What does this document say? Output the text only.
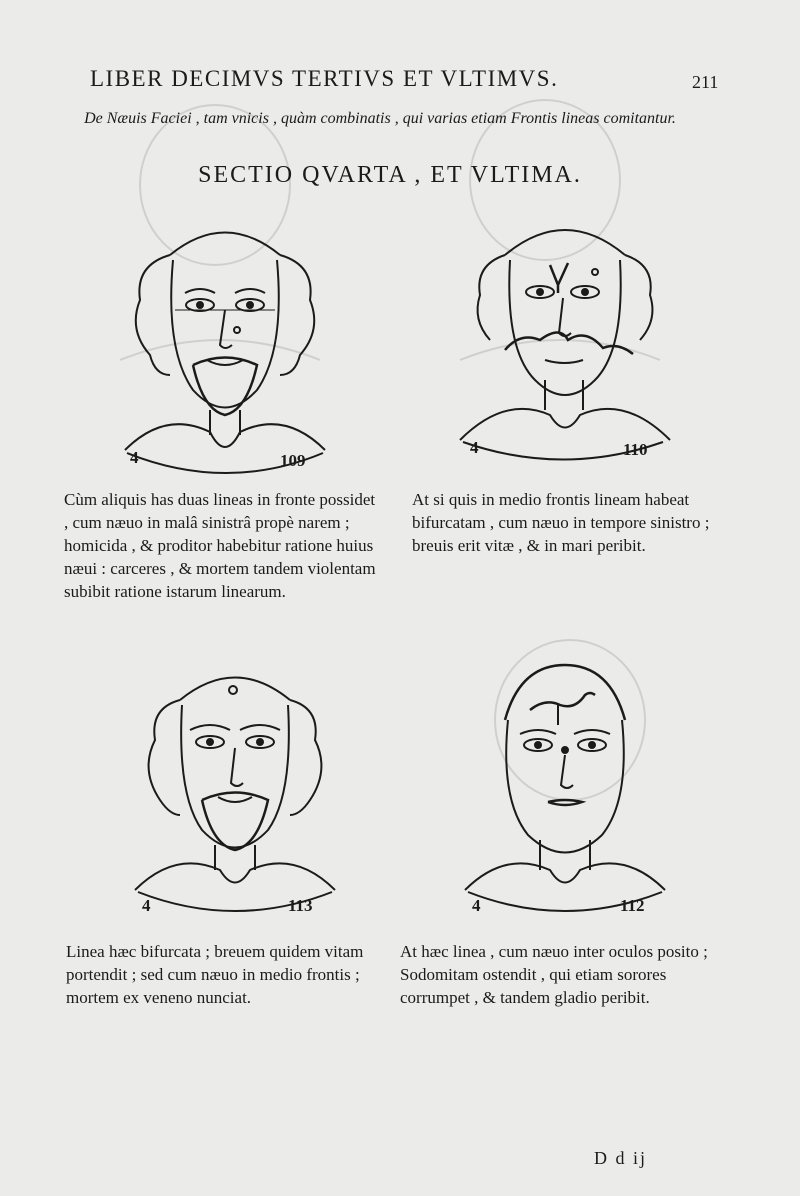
LIBER DECIMVS TERTIVS ET VLTIMVS.	211
De Næuis Faciei , tam vnicis , quàm combinatis , qui varias etiam Frontis lineas comitantur.
SECTIO QVARTA , ET VLTIMA.
4	109
4	110
Cùm aliquis has duas lineas in fronte possidet , cum næuo in malâ sinistrâ propè narem ; homicida , & proditor habebitur ratione huius næui : carceres , & mortem tandem violentam subibit ratione istarum linearum.
At si quis in medio frontis lineam habeat bifurcatam , cum næuo in tempore sinistro ; breuis erit vitæ , & in mari peribit.
4	113	4	112
Linea hæc bifurcata ; breuem quidem vitam portendit ; sed cum næuo in medio frontis ; mortem ex veneno nunciat.
At hæc linea , cum næuo inter oculos posito ; Sodomitam ostendit , qui etiam sorores corrumpet , & tandem gladio peribit.
D d ij
